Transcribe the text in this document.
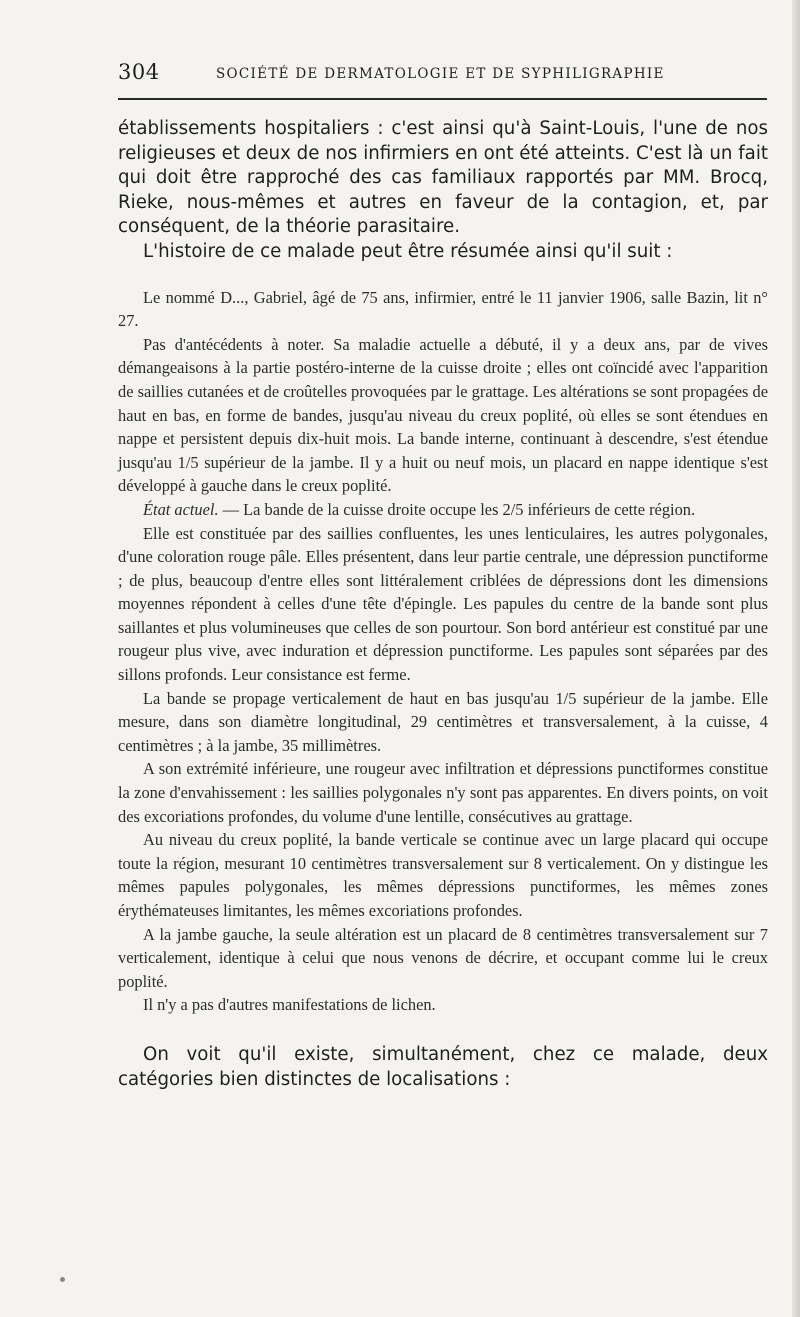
304	SOCIÉTÉ DE DERMATOLOGIE ET DE SYPHILIGRAPHIE

établissements hospitaliers : c'est ainsi qu'à Saint-Louis, l'une de nos religieuses et deux de nos infirmiers en ont été atteints. C'est là un fait qui doit être rapproché des cas familiaux rapportés par MM. Brocq, Rieke, nous-mêmes et autres en faveur de la contagion, et, par conséquent, de la théorie parasitaire.

L'histoire de ce malade peut être résumée ainsi qu'il suit :

Le nommé D..., Gabriel, âgé de 75 ans, infirmier, entré le 11 janvier 1906, salle Bazin, lit n° 27.

Pas d'antécédents à noter. Sa maladie actuelle a débuté, il y a deux ans, par de vives démangeaisons à la partie postéro-interne de la cuisse droite ; elles ont coïncidé avec l'apparition de saillies cutanées et de croûtelles provoquées par le grattage. Les altérations se sont propagées de haut en bas, en forme de bandes, jusqu'au niveau du creux poplité, où elles se sont étendues en nappe et persistent depuis dix-huit mois. La bande interne, continuant à descendre, s'est étendue jusqu'au 1/5 supérieur de la jambe. Il y a huit ou neuf mois, un placard en nappe identique s'est développé à gauche dans le creux poplité.

État actuel. — La bande de la cuisse droite occupe les 2/5 inférieurs de cette région.

Elle est constituée par des saillies confluentes, les unes lenticulaires, les autres polygonales, d'une coloration rouge pâle. Elles présentent, dans leur partie centrale, une dépression punctiforme ; de plus, beaucoup d'entre elles sont littéralement criblées de dépressions dont les dimensions moyennes répondent à celles d'une tête d'épingle. Les papules du centre de la bande sont plus saillantes et plus volumineuses que celles de son pourtour. Son bord antérieur est constitué par une rougeur plus vive, avec induration et dépression punctiforme. Les papules sont séparées par des sillons profonds. Leur consistance est ferme.

La bande se propage verticalement de haut en bas jusqu'au 1/5 supérieur de la jambe. Elle mesure, dans son diamètre longitudinal, 29 centimètres et transversalement, à la cuisse, 4 centimètres ; à la jambe, 35 millimètres.

A son extrémité inférieure, une rougeur avec infiltration et dépressions punctiformes constitue la zone d'envahissement : les saillies polygonales n'y sont pas apparentes. En divers points, on voit des excoriations profondes, du volume d'une lentille, consécutives au grattage.

Au niveau du creux poplité, la bande verticale se continue avec un large placard qui occupe toute la région, mesurant 10 centimètres transversalement sur 8 verticalement. On y distingue les mêmes papules polygonales, les mêmes dépressions punctiformes, les mêmes zones érythémateuses limitantes, les mêmes excoriations profondes.

A la jambe gauche, la seule altération est un placard de 8 centimètres transversalement sur 7 verticalement, identique à celui que nous venons de décrire, et occupant comme lui le creux poplité.

Il n'y a pas d'autres manifestations de lichen.

On voit qu'il existe, simultanément, chez ce malade, deux catégories bien distinctes de localisations :
